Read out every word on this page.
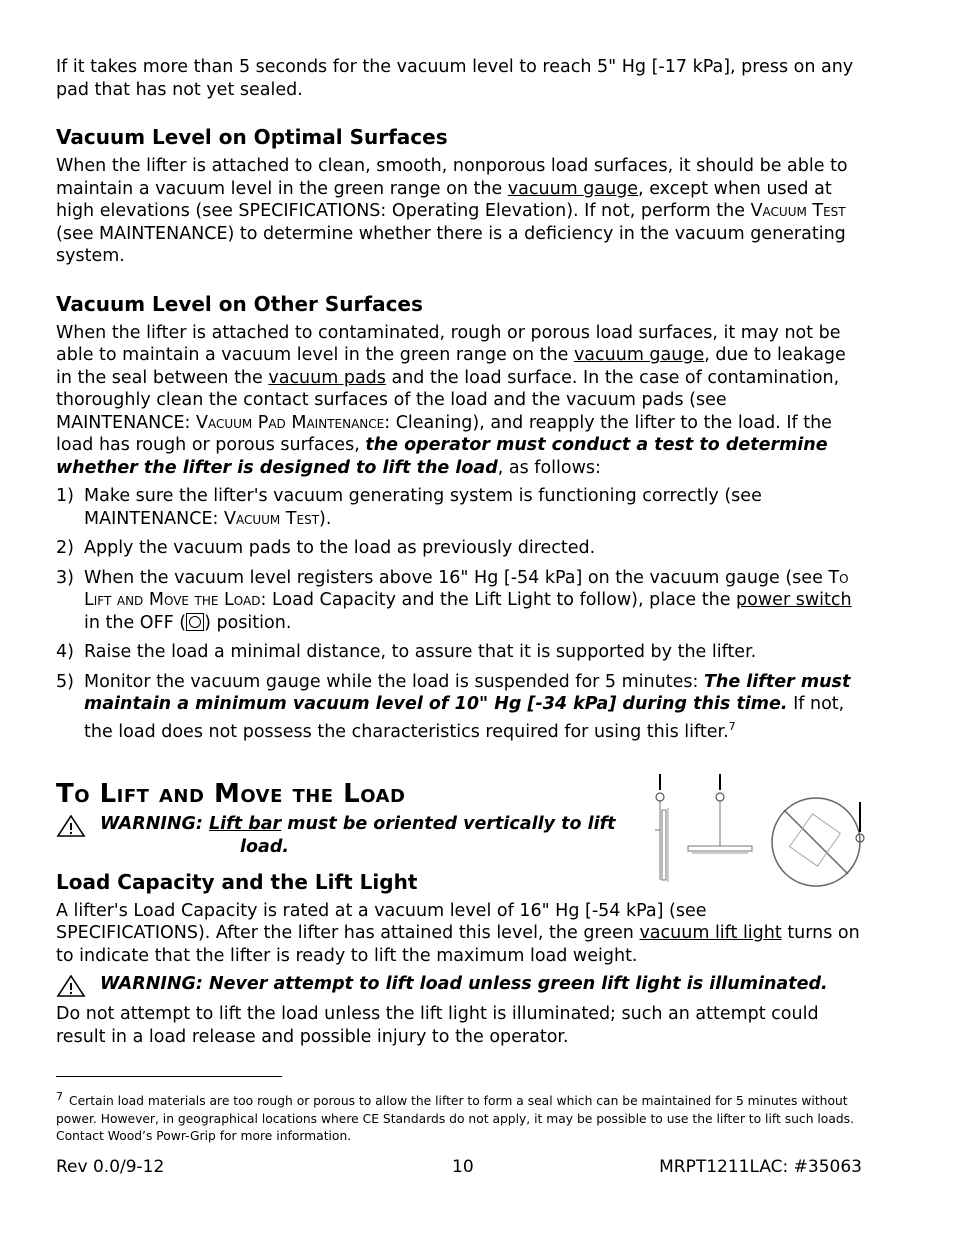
If it takes more than 5 seconds for the vacuum level to reach 5" Hg [-17 kPa], press on any pad that has not yet sealed.

Vacuum Level on Optimal Surfaces

When the lifter is attached to clean, smooth, nonporous load surfaces, it should be able to maintain a vacuum level in the green range on the vacuum gauge, except when used at high elevations (see SPECIFICATIONS: Operating Elevation). If not, perform the Vacuum Test (see MAINTENANCE) to determine whether there is a deficiency in the vacuum generating system.

Vacuum Level on Other Surfaces

When the lifter is attached to contaminated, rough or porous load surfaces, it may not be able to maintain a vacuum level in the green range on the vacuum gauge, due to leakage in the seal between the vacuum pads and the load surface. In the case of contamination, thoroughly clean the contact surfaces of the load and the vacuum pads (see MAINTENANCE: Vacuum Pad Maintenance: Cleaning), and reapply the lifter to the load. If the load has rough or porous surfaces, the operator must conduct a test to determine whether the lifter is designed to lift the load, as follows:

1) Make sure the lifter's vacuum generating system is functioning correctly (see MAINTENANCE: Vacuum Test).
2) Apply the vacuum pads to the load as previously directed.
3) When the vacuum level registers above 16" Hg [-54 kPa] on the vacuum gauge (see To Lift and Move the Load: Load Capacity and the Lift Light to follow), place the power switch in the OFF ( ) position.
4) Raise the load a minimal distance, to assure that it is supported by the lifter.
5) Monitor the vacuum gauge while the load is suspended for 5 minutes: The lifter must maintain a minimum vacuum level of 10" Hg [-34 kPa] during this time. If not, the load does not possess the characteristics required for using this lifter.$^7$
To Lift and Move the Load
WARNING: Lift bar must be oriented vertically to lift
load.
Load Capacity and the Lift Light

A lifter's Load Capacity is rated at a vacuum level of 16" Hg [-54 kPa] (see SPECIFICATIONS). After the lifter has attained this level, the green vacuum lift light turns on to indicate that the lifter is ready to lift the maximum load weight.

WARNING: Never attempt to lift load unless green lift light is illuminated.

Do not attempt to lift the load unless the lift light is illuminated; such an attempt could result in a load release and possible injury to the operator.

$^7$ Certain load materials are too rough or porous to allow the lifter to form a seal which can be maintained for 5 minutes without power. However, in geographical locations where CE Standards do not apply, it may be possible to use the lifter to lift such loads. Contact Wood’s Powr-Grip for more information.
Rev 0.0/9-12	10	MRPT1211LAC: #35063
